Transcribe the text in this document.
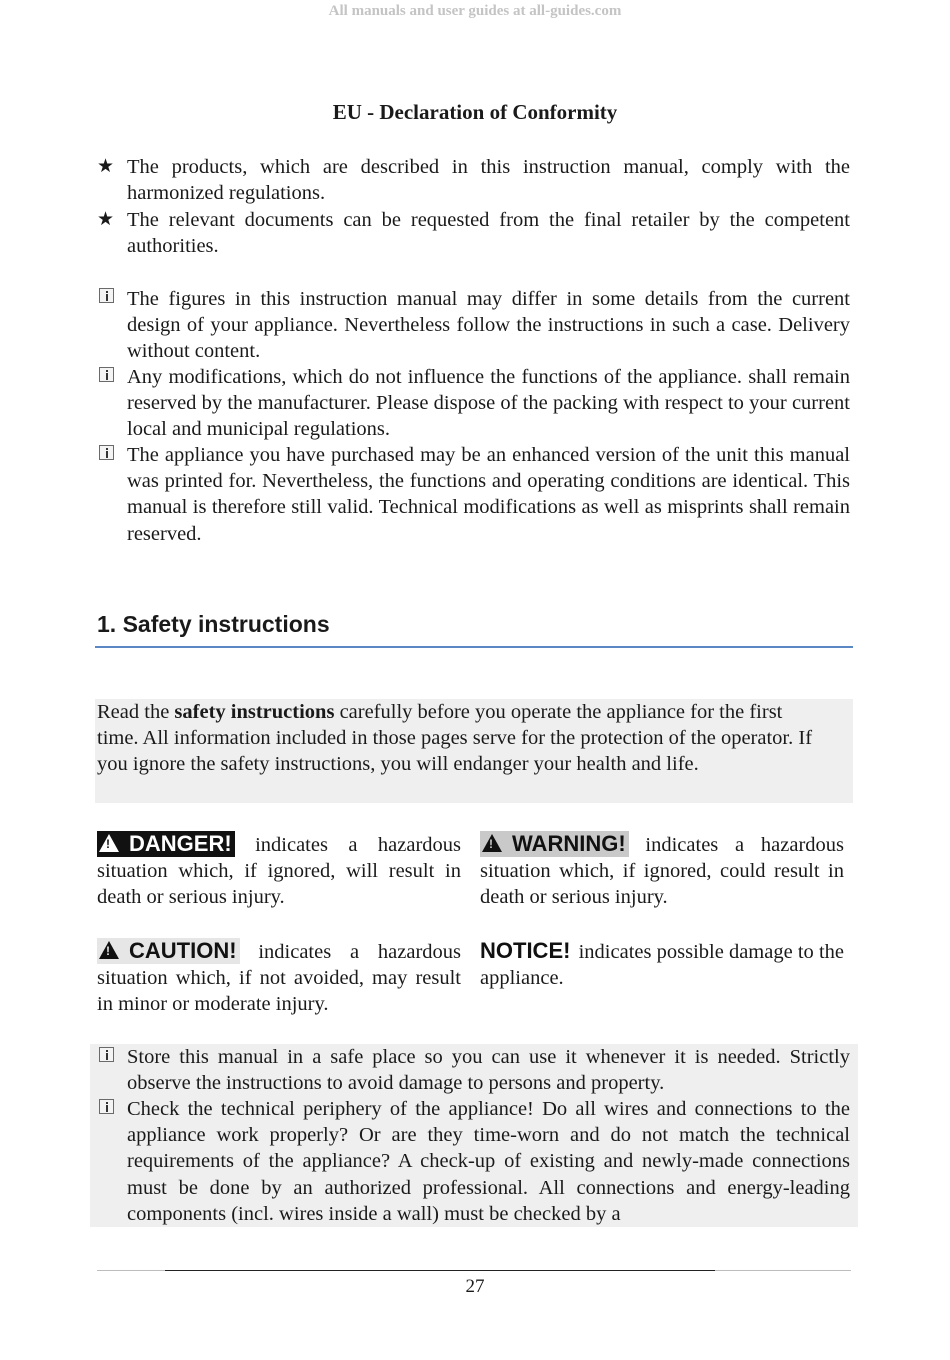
All manuals and user guides at all-guides.com
EU - Declaration of Conformity
★ The products, which are described in this instruction manual, comply with the harmonized regulations.

★ The relevant documents can be requested from the final retailer by the competent authorities.

The figures in this instruction manual may differ in some details from the current design of your appliance. Nevertheless follow the instructions in such a case. Delivery without content.

Any modifications, which do not influence the functions of the appliance. shall remain reserved by the manufacturer. Please dispose of the packing with respect to your current local and municipal regulations.

The appliance you have purchased may be an enhanced version of the unit this manual was printed for. Nevertheless, the functions and operating conditions are identical. This manual is therefore still valid. Technical modifications as well as misprints shall remain reserved.

1. Safety instructions

Read the safety instructions carefully before you operate the appliance for the first time. All information included in those pages serve for the protection of the operator. If you ignore the safety instructions, you will endanger your health and life.

!DANGER! indicates a hazardous situation which, if ignored, will result in death or serious injury.

!WARNING! indicates a hazardous situation which, if ignored, could result in death or serious injury.

!CAUTION! indicates a hazardous situation which, if not avoided, may result in minor or moderate injury.

NOTICE! indicates possible damage to the appliance.

Store this manual in a safe place so you can use it whenever it is needed. Strictly observe the instructions to avoid damage to persons and property.

Check the technical periphery of the appliance! Do all wires and connections to the appliance work properly? Or are they time-worn and do not match the technical requirements of the appliance? A check-up of existing and newly-made connections must be done by an authorized professional. All connections and energy-leading components (incl. wires inside a wall) must be checked by a

27
